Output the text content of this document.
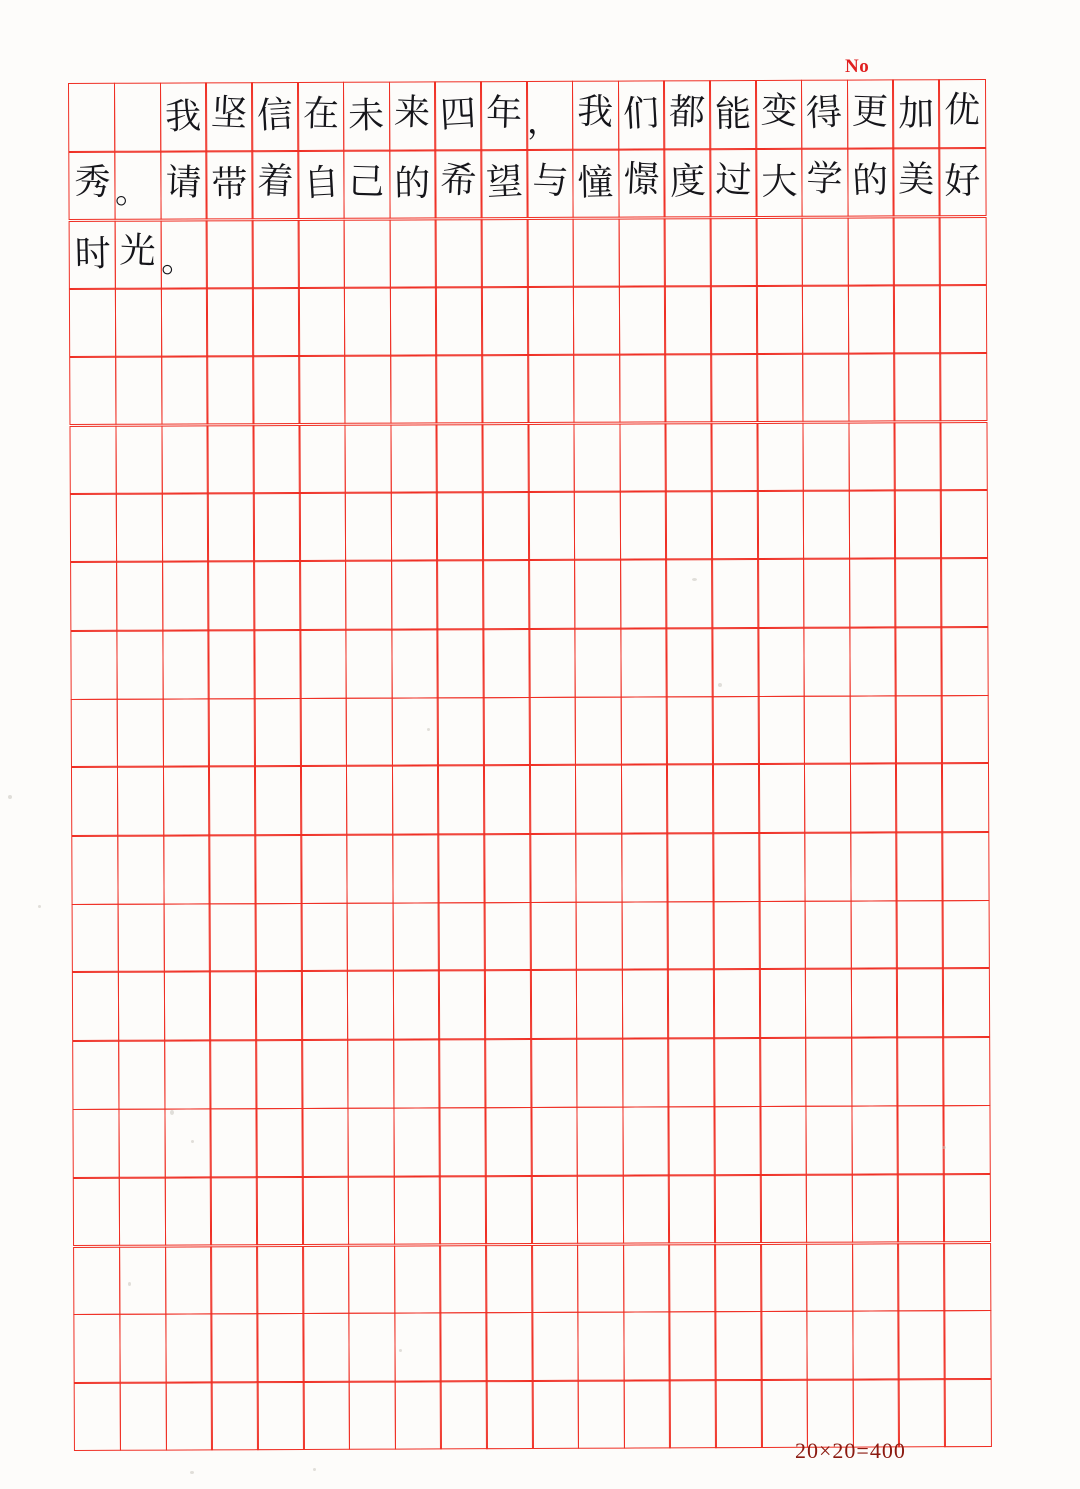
No
我 坚 信 在 未 来 四 年 ， 我 们 都 能 变 得 更 加 优
秀 。 请 带 着 自 己 的 希 望 与 憧 憬 度 过 大 学 的 美 好
时 光 。
20×20=400
